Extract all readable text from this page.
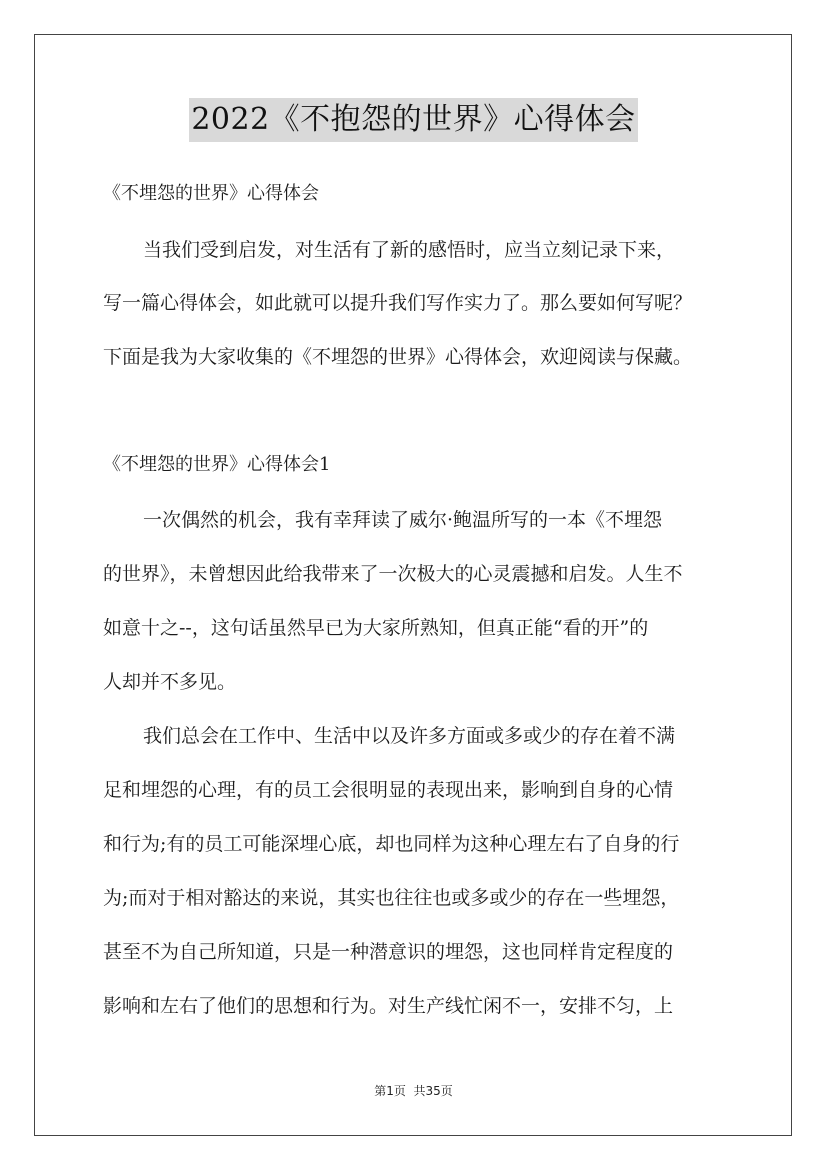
2022《不抱怨的世界》心得体会
《不埋怨的世界》心得体会
当我们受到启发，对生活有了新的感悟时，应当立刻记录下来，
写一篇心得体会，如此就可以提升我们写作实力了。那么要如何写呢？
下面是我为大家收集的《不埋怨的世界》心得体会，欢迎阅读与保藏。
《不埋怨的世界》心得体会1
一次偶然的机会，我有幸拜读了威尔·鲍温所写的一本《不埋怨
的世界》，未曾想因此给我带来了一次极大的心灵震撼和启发。人生不
如意十之--，这句话虽然早已为大家所熟知，但真正能“看的开”的
人却并不多见。
我们总会在工作中、生活中以及许多方面或多或少的存在着不满
足和埋怨的心理，有的员工会很明显的表现出来，影响到自身的心情
和行为;有的员工可能深埋心底，却也同样为这种心理左右了自身的行
为;而对于相对豁达的来说，其实也往往也或多或少的存在一些埋怨，
甚至不为自己所知道，只是一种潜意识的埋怨，这也同样肯定程度的
影响和左右了他们的思想和行为。对生产线忙闲不一，安排不匀，上
第1页  共35页
